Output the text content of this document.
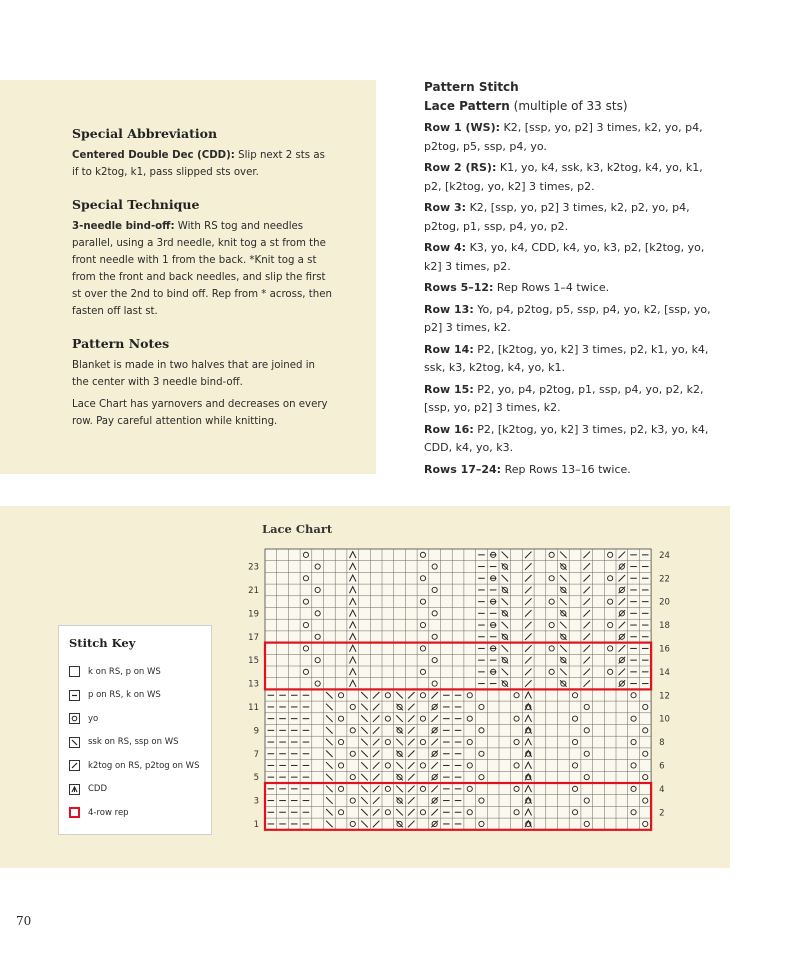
Special Abbreviation

Centered Double Dec (CDD): Slip next 2 sts as if to k2tog, k1, pass slipped sts over.

Special Technique

3-needle bind-off: With RS tog and needles parallel, using a 3rd needle, knit tog a st from the front needle with 1 from the back. *Knit tog a st from the front and back needles, and slip the first st over the 2nd to bind off. Rep from * across, then fasten off last st.

Pattern Notes

Blanket is made in two halves that are joined in the center with 3 needle bind-off.

Lace Chart has yarnovers and decreases on every row. Pay careful attention while knitting.

Pattern Stitch
Lace Pattern (multiple of 33 sts)

Row 1 (WS): K2, [ssp, yo, p2] 3 times, k2, yo, p4, p2tog, p5, ssp, p4, yo.

Row 2 (RS): K1, yo, k4, ssk, k3, k2tog, k4, yo, k1, p2, [k2tog, yo, k2] 3 times, p2.

Row 3: K2, [ssp, yo, p2] 3 times, k2, p2, yo, p4, p2tog, p1, ssp, p4, yo, p2.

Row 4: K3, yo, k4, CDD, k4, yo, k3, p2, [k2tog, yo, k2] 3 times, p2.

Rows 5–12: Rep Rows 1–4 twice.

Row 13: Yo, p4, p2tog, p5, ssp, p4, yo, k2, [ssp, yo, p2] 3 times, k2.

Row 14: P2, [k2tog, yo, k2] 3 times, p2, k1, yo, k4, ssk, k3, k2tog, k4, yo, k1.

Row 15: P2, yo, p4, p2tog, p1, ssp, p4, yo, p2, k2, [ssp, yo, p2] 3 times, k2.

Row 16: P2, [k2tog, yo, k2] 3 times, p2, k3, yo, k4, CDD, k4, yo, k3.

Rows 17–24: Rep Rows 13–16 twice.

Lace Chart
23
21
19
17
15
13
11
9
7
5
3
1
24
22
20
18
16
14
12
10
8
6
4
2
Stitch Key
k on RS, p on WS
p on RS, k on WS
yo
ssk on RS, ssp on WS
k2tog on RS, p2tog on WS
CDD
4-row rep
70
